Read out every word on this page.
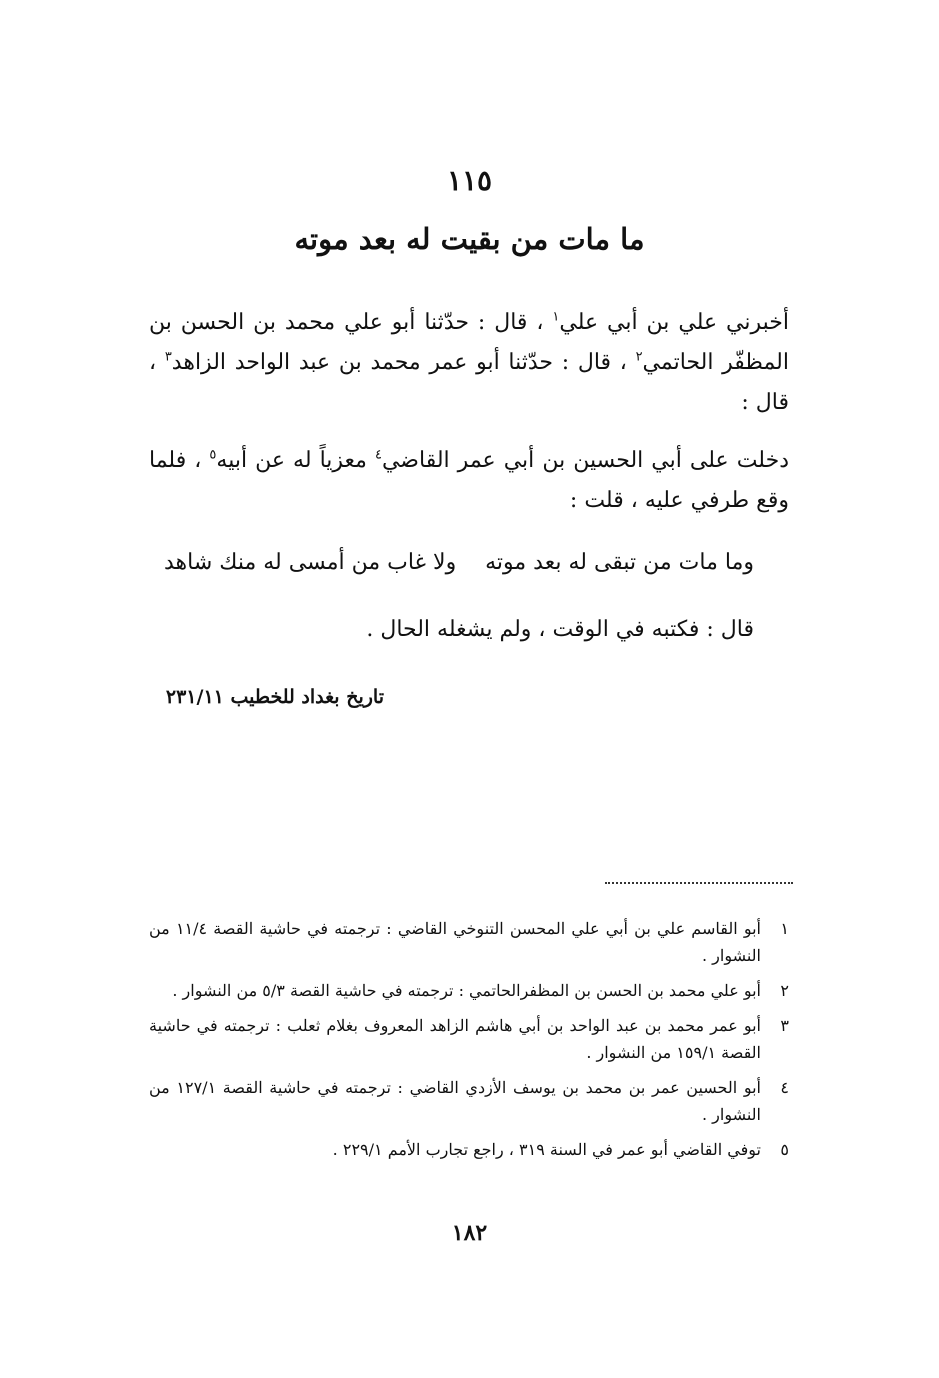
١١٥
ما مات من بقيت له بعد موته
أخبرني علي بن أبي علي$^١$ ، قال : حدّثنا أبو علي محمد بن الحسن بن المظفّر الحاتمي$^٢$ ، قال : حدّثنا أبو عمر محمد بن عبد الواحد الزاهد$^٣$ ، قال :
دخلت على أبي الحسين بن أبي عمر القاضي$^٤$ معزياً له عن أبيه$^٥$ ، فلما وقع طرفي عليه ، قلت :
وما مات من تبقى له بعد موته
ولا غاب من أمسى له منك شاهد
قال : فكتبه في الوقت ، ولم يشغله الحال .
تاريخ بغداد للخطيب ٢٣١/١١
١
أبو القاسم علي بن أبي علي المحسن التنوخي القاضي : ترجمته في حاشية القصة ١١/٤ من النشوار .
٢
أبو علي محمد بن الحسن بن المظفرالحاتمي : ترجمته في حاشية القصة ٥/٣ من النشوار .
٣
أبو عمر محمد بن عبد الواحد بن أبي هاشم الزاهد المعروف بغلام ثعلب : ترجمته في حاشية القصة ١٥٩/١ من النشوار .
٤
أبو الحسين عمر بن محمد بن يوسف الأزدي القاضي : ترجمته في حاشية القصة ١٢٧/١ من النشوار .
٥
توفي القاضي أبو عمر في السنة ٣١٩ ، راجع تجارب الأمم ٢٢٩/١ .
١٨٢
